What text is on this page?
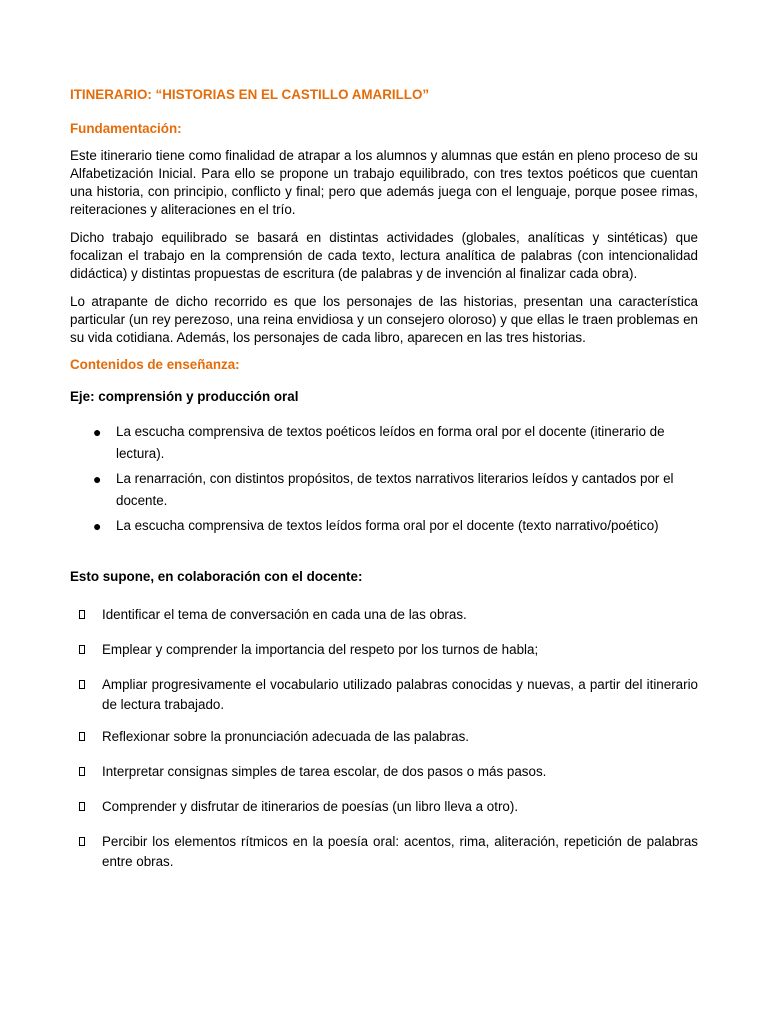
ITINERARIO: “HISTORIAS EN EL CASTILLO AMARILLO”

Fundamentación:

Este itinerario tiene como finalidad de atrapar a los alumnos y alumnas que están en pleno proceso de su Alfabetización Inicial. Para ello se propone un trabajo equilibrado, con tres textos poéticos que cuentan una historia, con principio, conflicto y final; pero que además juega con el lenguaje, porque posee rimas, reiteraciones y aliteraciones en el trío.

Dicho trabajo equilibrado se basará en distintas actividades (globales, analíticas y sintéticas) que focalizan el trabajo en la comprensión de cada texto, lectura analítica de palabras (con intencionalidad didáctica) y distintas propuestas de escritura (de palabras y de invención al finalizar cada obra).

Lo atrapante de dicho recorrido es que los personajes de las historias, presentan una característica particular (un rey perezoso, una reina envidiosa y un consejero oloroso) y que ellas le traen problemas en su vida cotidiana. Además, los personajes de cada libro, aparecen en las tres historias.

Contenidos de enseñanza:

Eje: comprensión y producción oral

● La escucha comprensiva de textos poéticos leídos en forma oral por el docente (itinerario de lectura).
● La renarración, con distintos propósitos, de textos narrativos literarios leídos y cantados por el docente.
● La escucha comprensiva de textos leídos forma oral por el docente (texto narrativo/poético)

Esto supone, en colaboración con el docente:

Identificar el tema de conversación en cada una de las obras.
Emplear y comprender la importancia del respeto por los turnos de habla;
Ampliar progresivamente el vocabulario utilizado palabras conocidas y nuevas, a partir del itinerario de lectura trabajado.
Reflexionar sobre la pronunciación adecuada de las palabras.
Interpretar consignas simples de tarea escolar, de dos pasos o más pasos.
Comprender y disfrutar de itinerarios de poesías (un libro lleva a otro).
Percibir los elementos rítmicos en la poesía oral: acentos, rima, aliteración, repetición de palabras entre obras.
